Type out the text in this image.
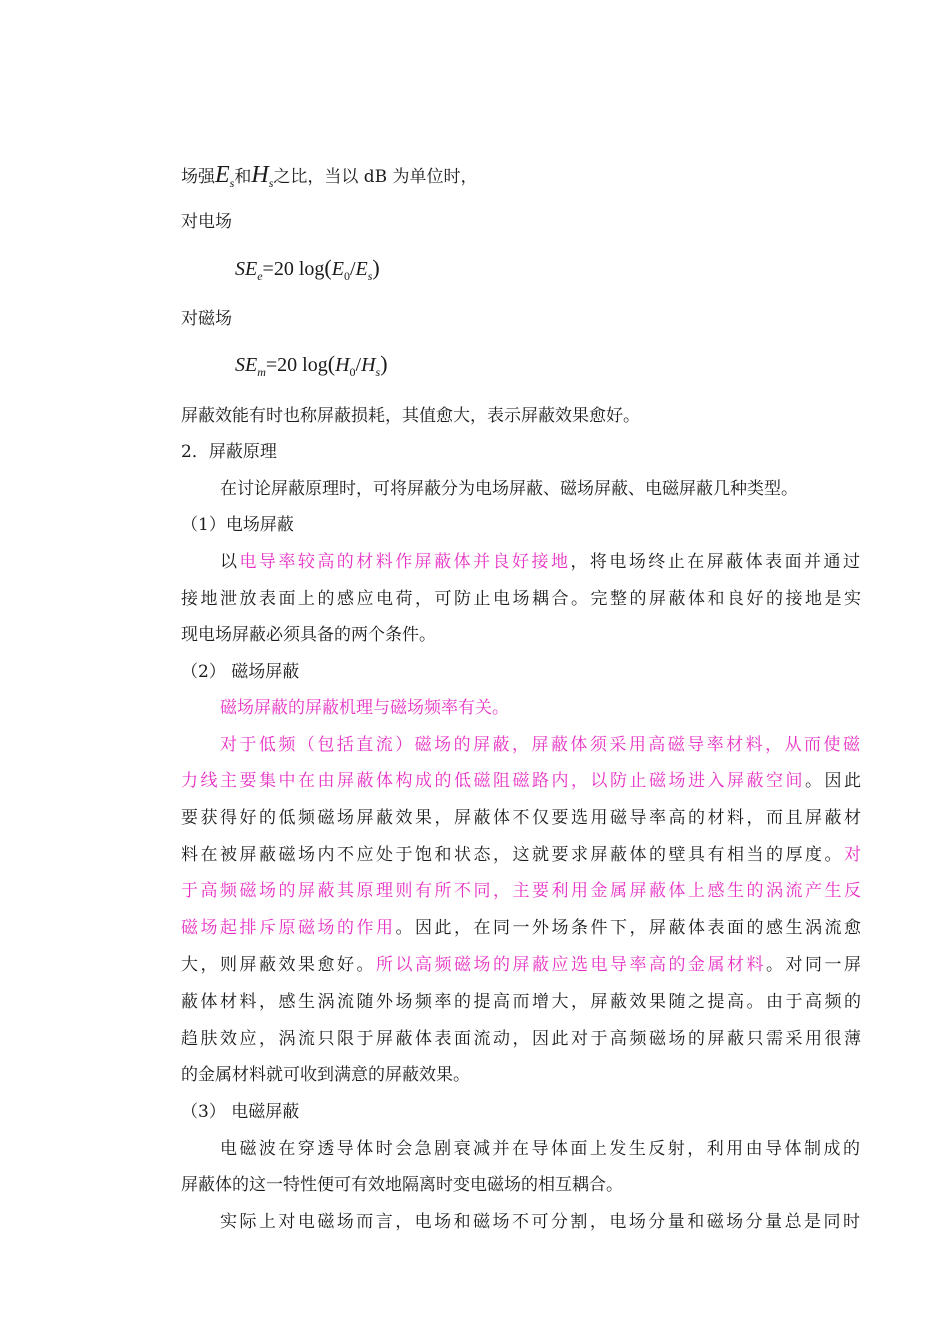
场强$E_s$和$H_s$之比，当以 dB 为单位时，
对电场
$SE_e=20$ $\log(E_0/E_s)$
对磁场
$SE_m=20$ $\log(H_0/H_s)$
屏蔽效能有时也称屏蔽损耗，其值愈大，表示屏蔽效果愈好。
2．屏蔽原理
在讨论屏蔽原理时，可将屏蔽分为电场屏蔽、磁场屏蔽、电磁屏蔽几种类型。
（1）电场屏蔽
以电导率较高的材料作屏蔽体并良好接地，将电场终止在屏蔽体表面并通过
接地泄放表面上的感应电荷，可防止电场耦合。完整的屏蔽体和良好的接地是实
现电场屏蔽必须具备的两个条件。
（2） 磁场屏蔽
磁场屏蔽的屏蔽机理与磁场频率有关。
对于低频（包括直流）磁场的屏蔽，屏蔽体须采用高磁导率材料，从而使磁
力线主要集中在由屏蔽体构成的低磁阻磁路内，以防止磁场进入屏蔽空间。因此
要获得好的低频磁场屏蔽效果，屏蔽体不仅要选用磁导率高的材料，而且屏蔽材
料在被屏蔽磁场内不应处于饱和状态，这就要求屏蔽体的壁具有相当的厚度。对
于高频磁场的屏蔽其原理则有所不同，主要利用金属屏蔽体上感生的涡流产生反
磁场起排斥原磁场的作用。因此，在同一外场条件下，屏蔽体表面的感生涡流愈
大，则屏蔽效果愈好。所以高频磁场的屏蔽应选电导率高的金属材料。对同一屏
蔽体材料，感生涡流随外场频率的提高而增大，屏蔽效果随之提高。由于高频的
趋肤效应，涡流只限于屏蔽体表面流动，因此对于高频磁场的屏蔽只需采用很薄
的金属材料就可收到满意的屏蔽效果。
（3） 电磁屏蔽
电磁波在穿透导体时会急剧衰减并在导体面上发生反射，利用由导体制成的
屏蔽体的这一特性便可有效地隔离时变电磁场的相互耦合。
实际上对电磁场而言，电场和磁场不可分割，电场分量和磁场分量总是同时
